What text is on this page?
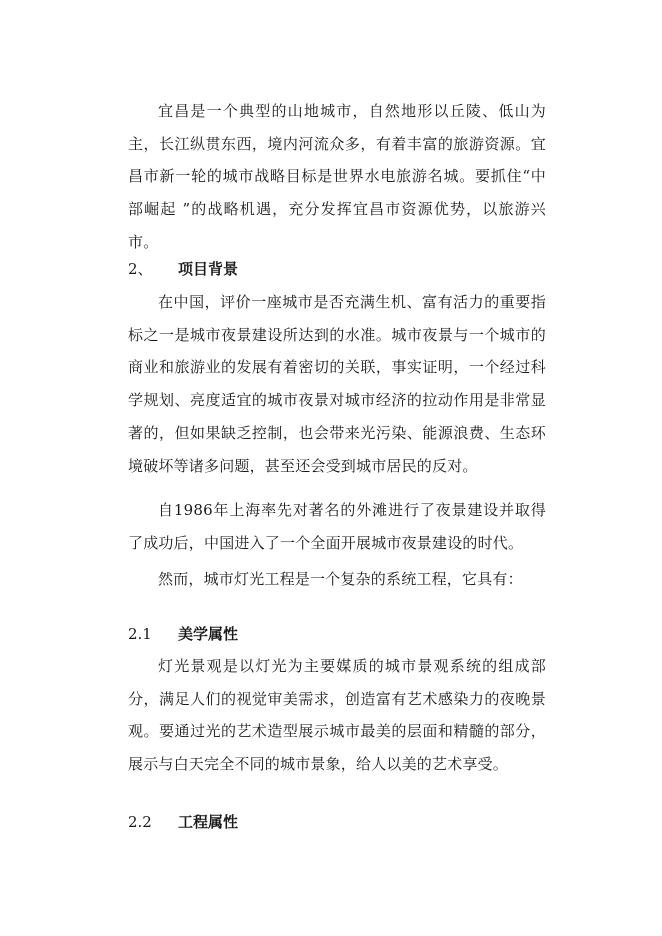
宜昌是一个典型的山地城市，自然地形以丘陵、低山为主，长江纵贯东西，境内河流众多，有着丰富的旅游资源。宜昌市新一轮的城市战略目标是世界水电旅游名城。要抓住“中部崛起 ”的战略机遇，充分发挥宜昌市资源优势，以旅游兴市。

2、 项目背景

在中国，评价一座城市是否充满生机、富有活力的重要指标之一是城市夜景建设所达到的水准。城市夜景与一个城市的商业和旅游业的发展有着密切的关联，事实证明，一个经过科学规划、亮度适宜的城市夜景对城市经济的拉动作用是非常显著的，但如果缺乏控制，也会带来光污染、能源浪费、生态环境破坏等诸多问题，甚至还会受到城市居民的反对。

自1986年上海率先对著名的外滩进行了夜景建设并取得了成功后，中国进入了一个全面开展城市夜景建设的时代。

然而，城市灯光工程是一个复杂的系统工程，它具有：

2.1 美学属性

灯光景观是以灯光为主要媒质的城市景观系统的组成部分，满足人们的视觉审美需求，创造富有艺术感染力的夜晚景观。要通过光的艺术造型展示城市最美的层面和精髓的部分，展示与白天完全不同的城市景象，给人以美的艺术享受。

2.2 工程属性
